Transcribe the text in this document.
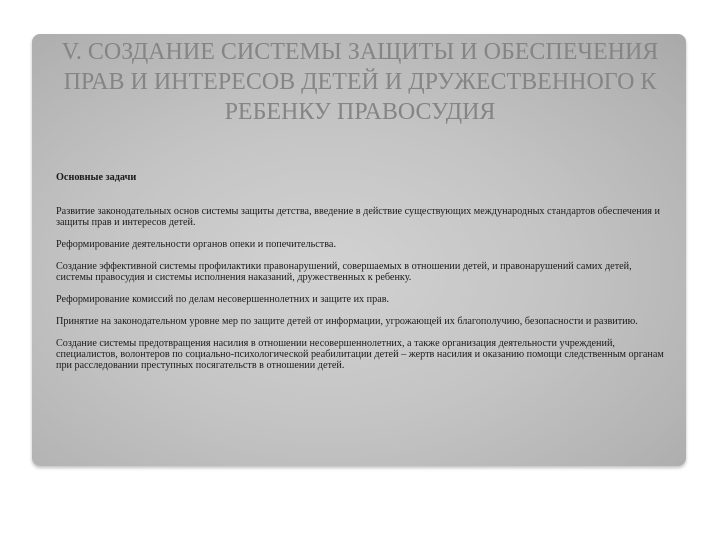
V. СОЗДАНИЕ СИСТЕМЫ ЗАЩИТЫ И ОБЕСПЕЧЕНИЯ ПРАВ И ИНТЕРЕСОВ ДЕТЕЙ И ДРУЖЕСТВЕННОГО К РЕБЕНКУ ПРАВОСУДИЯ

Основные задачи

Развитие законодательных основ системы защиты детства, введение в действие существующих международных стандартов обеспечения и защиты прав и интересов детей.

Реформирование деятельности органов опеки и попечительства.

Создание эффективной системы профилактики правонарушений, совершаемых в отношении детей, и правонарушений самих детей, системы правосудия и системы исполнения наказаний, дружественных к ребенку.

Реформирование комиссий по делам несовершеннолетних и защите их прав.

Принятие на законодательном уровне мер по защите детей от информации, угрожающей их благополучию, безопасности и развитию.

Создание системы предотвращения насилия в отношении несовершеннолетних, а также организация деятельности учреждений, специалистов, волонтеров по социально-психологической реабилитации детей – жертв насилия и оказанию помощи следственным органам при расследовании преступных посягательств в отношении детей.
